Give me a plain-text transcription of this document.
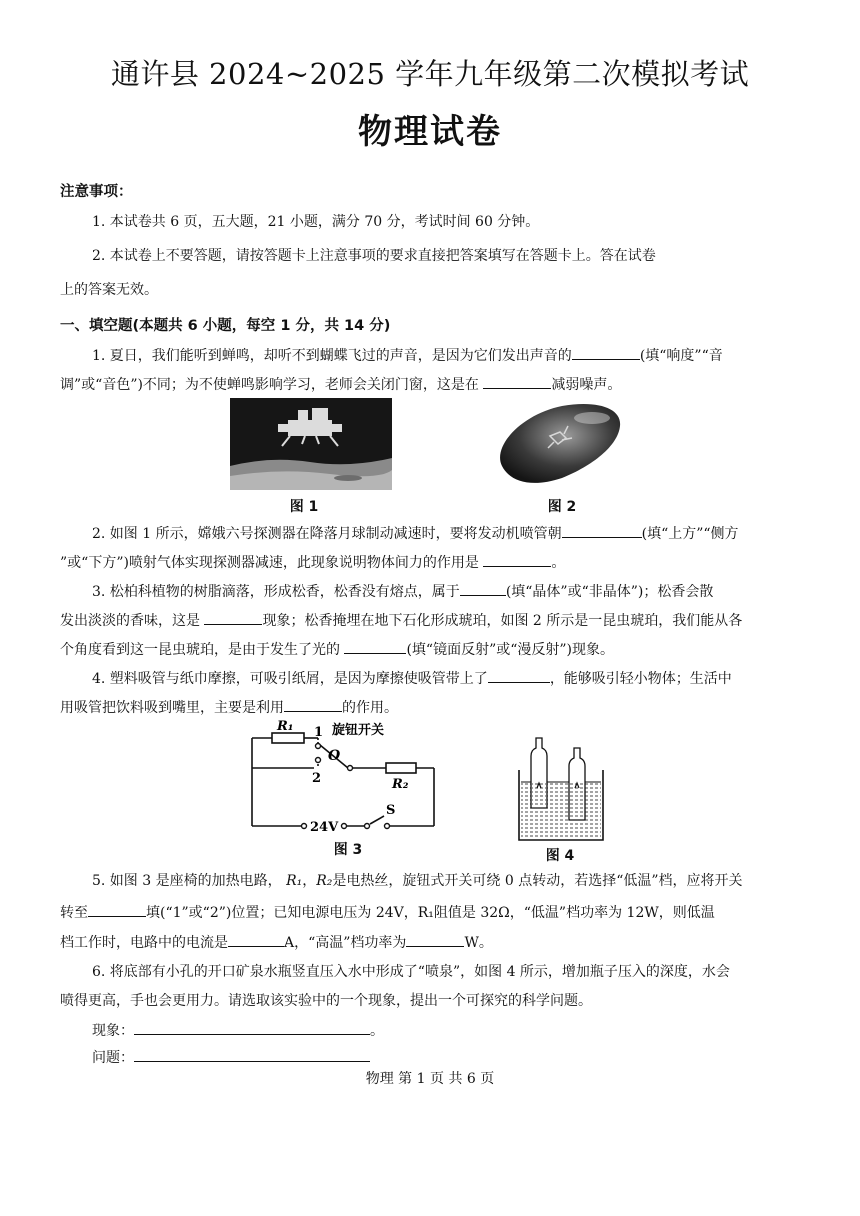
通许县 2024~2025 学年九年级第二次模拟考试
物理试卷
注意事项：
1. 本试卷共 6 页，五大题，21 小题，满分 70 分，考试时间 60 分钟。
2. 本试卷上不要答题，请按答题卡上注意事项的要求直接把答案填写在答题卡上。答在试卷
上的答案无效。
一、填空题(本题共 6 小题，每空 1 分，共 14 分)
1. 夏日，我们能听到蝉鸣，却听不到蝴蝶飞过的声音，是因为它们发出声音的	(填“响度”“音
调”或“音色”)不同；为不使蝉鸣影响学习，老师会关闭门窗，这是在	减弱噪声。
图 1	图 2
2. 如图 1 所示，嫦娥六号探测器在降落月球制动减速时，要将发动机喷管朝	(填“上方”“侧方
”或“下方”)喷射气体实现探测器减速，此现象说明物体间力的作用是	。
3. 松柏科植物的树脂滴落，形成松香，松香没有熔点，属于	(填“晶体”或“非晶体”)；松香会散
发出淡淡的香味，这是	现象；松香掩埋在地下石化形成琥珀，如图 2 所示是一昆虫琥珀，我们能从各
个角度看到这一昆虫琥珀，是由于发生了光的	(填“镜面反射”或“漫反射”)现象。
4. 塑料吸管与纸巾摩擦，可吸引纸屑，是因为摩擦使吸管带上了	，能够吸引轻小物体；生活中
用吸管把饮料吸到嘴里，主要是利用	的作用。
R₁ 1
2
O
旋钮开关
R₂
24V
S
图 3	图 4
5. 如图 3 是座椅的加热电路， R₁，R₂是电热丝，旋钮式开关可绕 0 点转动，若选择“低温”档，应将开关
转至	填(“1”或“2”)位置；已知电源电压为 24V，R₁阻值是 32Ω，“低温”档功率为 12W，则低温
档工作时，电路中的电流是	A，“高温”档功率为	W。
6. 将底部有小孔的开口矿泉水瓶竖直压入水中形成了“喷泉”，如图 4 所示，增加瓶子压入的深度，水会
喷得更高，手也会更用力。请选取该实验中的一个现象，提出一个可探究的科学问题。
现象：	。
问题：
物理 第 1 页 共 6 页
